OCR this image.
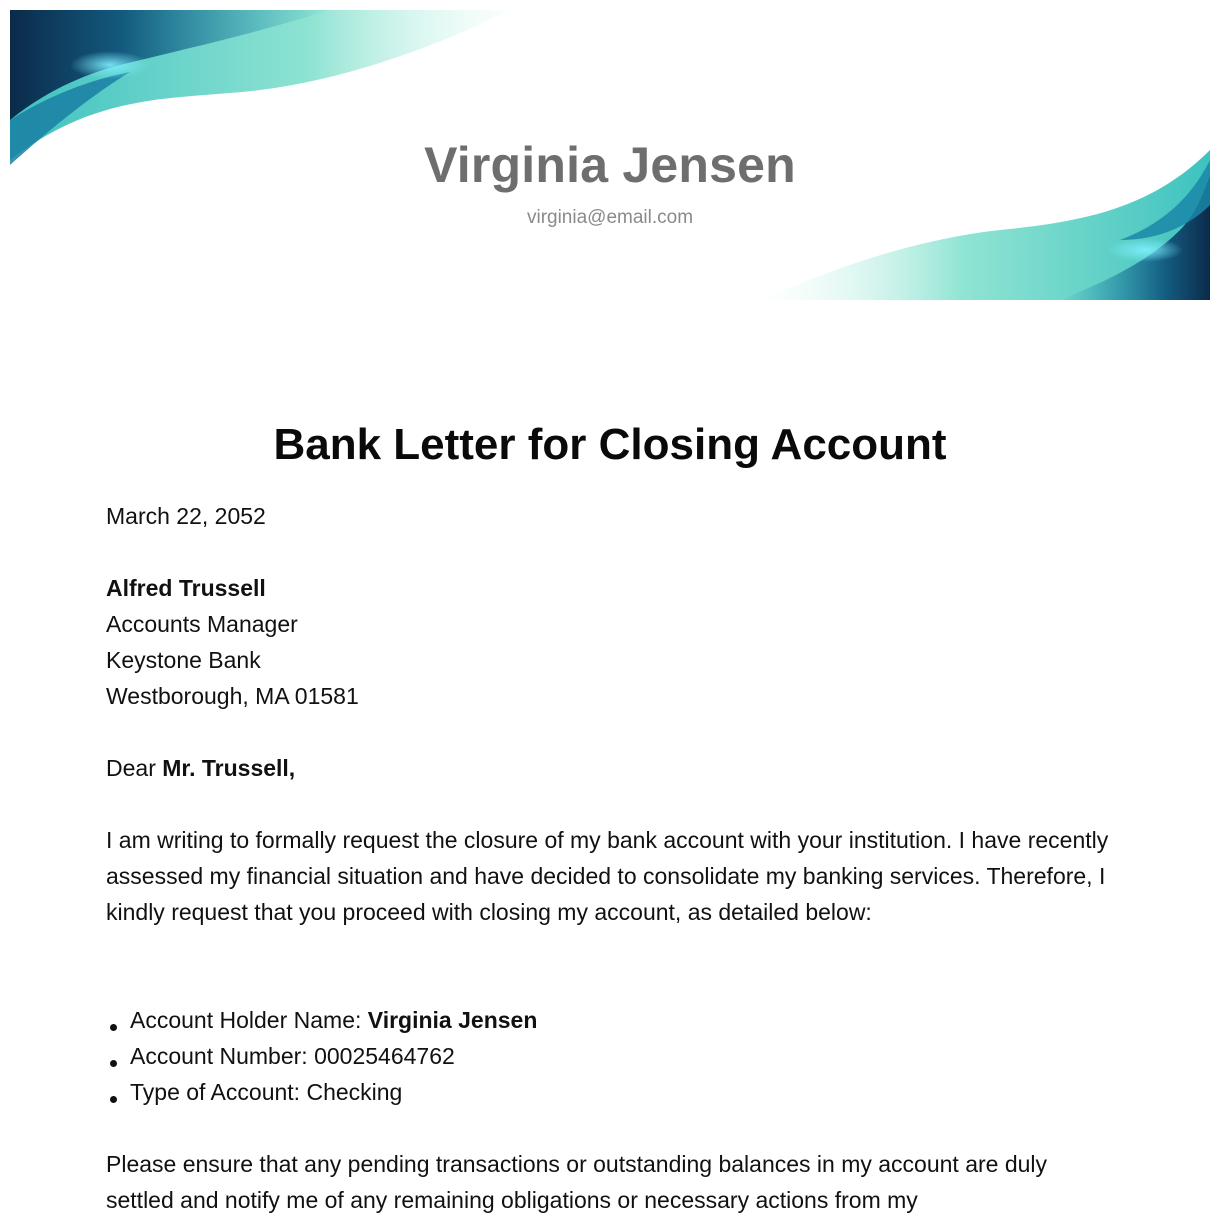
Virginia Jensen
virginia@email.com
Bank Letter for Closing Account
March 22, 2052
Alfred Trussell
Accounts Manager
Keystone Bank
Westborough, MA 01581
Dear Mr. Trussell,
I am writing to formally request the closure of my bank account with your institution. I have recently assessed my financial situation and have decided to consolidate my banking services. Therefore, I kindly request that you proceed with closing my account, as detailed below:
Account Holder Name: Virginia Jensen
Account Number: 00025464762
Type of Account: Checking
Please ensure that any pending transactions or outstanding balances in my account are duly settled and notify me of any remaining obligations or necessary actions from my
